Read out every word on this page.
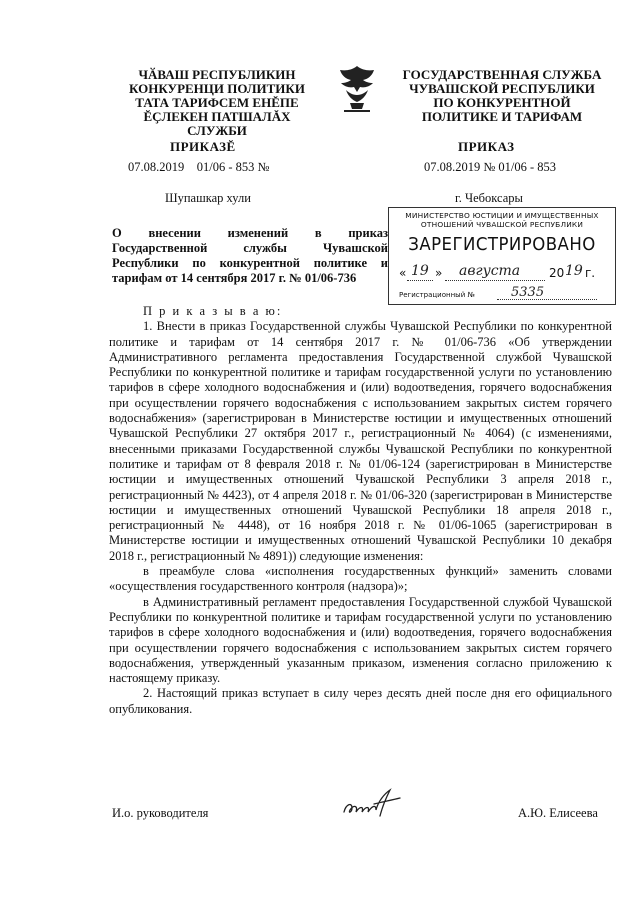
ЧӐВАШ РЕСПУБЛИКИН
КОНКУРЕНЦИ ПОЛИТИКИ
ТАТА ТАРИФСЕМ ЕНĔПЕ
ĔҪЛЕКЕН ПАТШАЛĂХ СЛУЖБИ
ГОСУДАРСТВЕННАЯ СЛУЖБА
ЧУВАШСКОЙ РЕСПУБЛИКИ
ПО КОНКУРЕНТНОЙ
ПОЛИТИКЕ И ТАРИФАМ
ПРИКАЗĔ	ПРИКАЗ
07.08.2019    01/06 - 853 №	07.08.2019 № 01/06 - 853
Шупашкар хули	г. Чебоксары
О внесении изменений в приказ Государственной службы Чувашской Республики по конкурентной политике и тарифам от 14 сентября 2017 г. № 01/06-736
МИНИСТЕРСТВО ЮСТИЦИИ И ИМУЩЕСТВЕННЫХ
ОТНОШЕНИЙ ЧУВАШСКОЙ РЕСПУБЛИКИ
ЗАРЕГИСТРИРОВАНО
« 19 » августа 20 19 г.
Регистрационный №	5335

П р и к а з ы в а ю:

1. Внести в приказ Государственной службы Чувашской Республики по конкурентной политике и тарифам от 14 сентября 2017 г. № 01/06-736 «Об утверждении Административного регламента предоставления Государственной службой Чувашской Республики по конкурентной политике и тарифам государственной услуги по установлению тарифов в сфере холодного водоснабжения и (или) водоотведения, горячего водоснабжения при осуществлении горячего водоснабжения с использованием закрытых систем горячего водоснабжения» (зарегистрирован в Министерстве юстиции и имущественных отношений Чувашской Республики 27 октября 2017 г., регистрационный № 4064) (с изменениями, внесенными приказами Государственной службы Чувашской Республики по конкурентной политике и тарифам от 8 февраля 2018 г. № 01/06-124 (зарегистрирован в Министерстве юстиции и имущественных отношений Чувашской Республики 3 апреля 2018 г., регистрационный № 4423), от 4 апреля 2018 г. № 01/06-320 (зарегистрирован в Министерстве юстиции и имущественных отношений Чувашской Республики 18 апреля 2018 г., регистрационный № 4448), от 16 ноября 2018 г. № 01/06-1065 (зарегистрирован в Министерстве юстиции и имущественных отношений Чувашской Республики 10 декабря 2018 г., регистрационный № 4891)) следующие изменения:

в преамбуле слова «исполнения государственных функций» заменить словами «осуществления государственного контроля (надзора)»;

в Административный регламент предоставления Государственной службой Чувашской Республики по конкурентной политике и тарифам государственной услуги по установлению тарифов в сфере холодного водоснабжения и (или) водоотведения, горячего водоснабжения при осуществлении горячего водоснабжения с использованием закрытых систем горячего водоснабжения, утвержденный указанным приказом, изменения согласно приложению к настоящему приказу.

2. Настоящий приказ вступает в силу через десять дней после дня его официального опубликования.

И.о. руководителя	А.Ю. Елисеева
